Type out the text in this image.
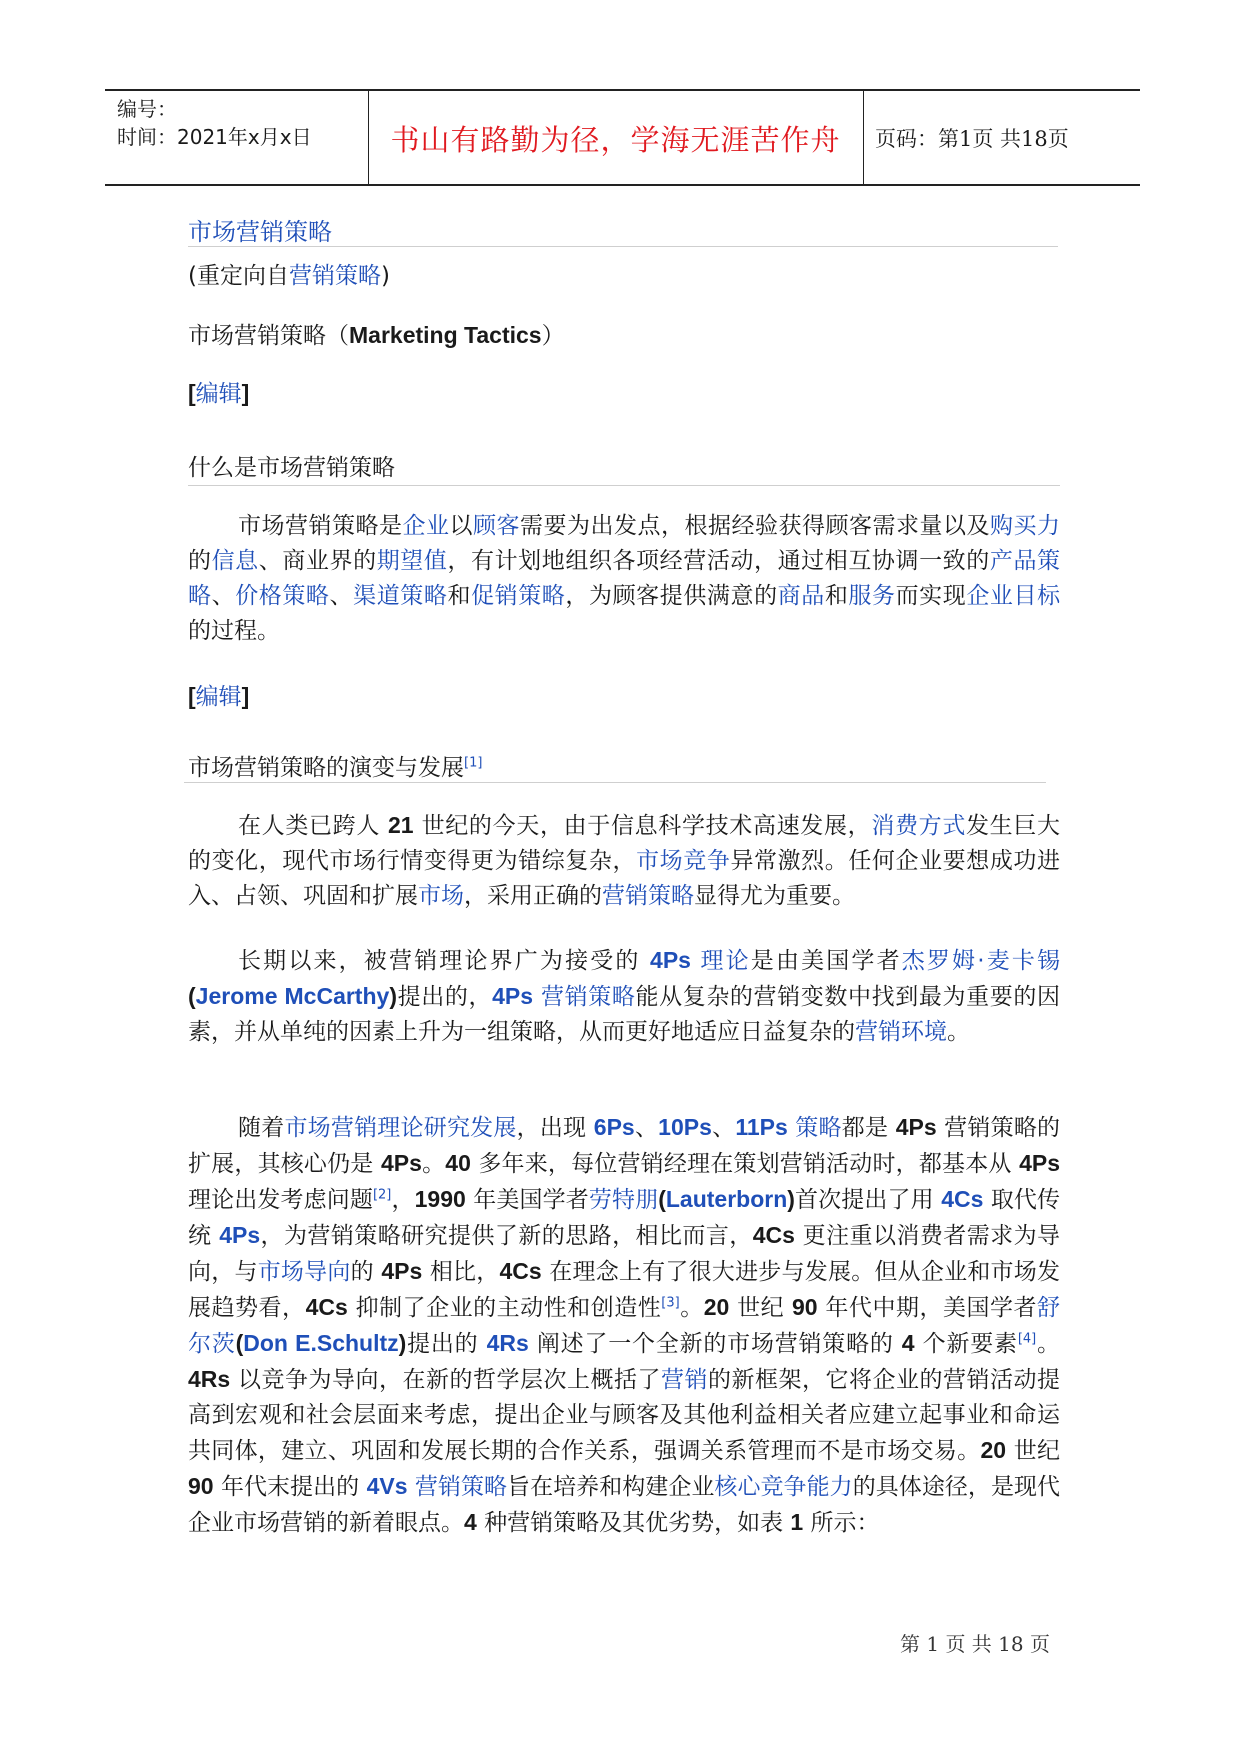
编号：
时间：2021年x月x日	书山有路勤为径，学海无涯苦作舟	页码：第1页 共18页
市场营销策略
(重定向自营销策略)
市场营销策略（Marketing Tactics）
[编辑]
什么是市场营销策略
市场营销策略是企业以顾客需要为出发点，根据经验获得顾客需求量以及购买力的信息、商业界的期望值，有计划地组织各项经营活动，通过相互协调一致的产品策略、价格策略、渠道策略和促销策略，为顾客提供满意的商品和服务而实现企业目标的过程。
[编辑]
市场营销策略的演变与发展[1]
在人类已跨人 21 世纪的今天，由于信息科学技术高速发展，消费方式发生巨大的变化，现代市场行情变得更为错综复杂，市场竞争异常激烈。任何企业要想成功进入、占领、巩固和扩展市场，采用正确的营销策略显得尤为重要。
长期以来，被营销理论界广为接受的 4Ps 理论是由美国学者杰罗姆·麦卡锡(Jerome McCarthy)提出的，4Ps 营销策略能从复杂的营销变数中找到最为重要的因素，并从单纯的因素上升为一组策略，从而更好地适应日益复杂的营销环境。
随着市场营销理论研究发展，出现 6Ps、10Ps、11Ps 策略都是 4Ps 营销策略的扩展，其核心仍是 4Ps。40 多年来，每位营销经理在策划营销活动时，都基本从 4Ps 理论出发考虑问题[2]，1990 年美国学者劳特朋(Lauterborn)首次提出了用 4Cs 取代传统 4Ps，为营销策略研究提供了新的思路，相比而言，4Cs 更注重以消费者需求为导向，与市场导向的 4Ps 相比，4Cs 在理念上有了很大进步与发展。但从企业和市场发展趋势看，4Cs 抑制了企业的主动性和创造性[3]。20 世纪 90 年代中期，美国学者舒尔茨(Don E.Schultz)提出的 4Rs 阐述了一个全新的市场营销策略的 4 个新要素[4]。4Rs 以竞争为导向，在新的哲学层次上概括了营销的新框架，它将企业的营销活动提高到宏观和社会层面来考虑，提出企业与顾客及其他利益相关者应建立起事业和命运共同体，建立、巩固和发展长期的合作关系，强调关系管理而不是市场交易。20 世纪 90 年代末提出的 4Vs 营销策略旨在培养和构建企业核心竞争能力的具体途径，是现代企业市场营销的新着眼点。4 种营销策略及其优劣势，如表 1 所示：
第 1 页 共 18 页
